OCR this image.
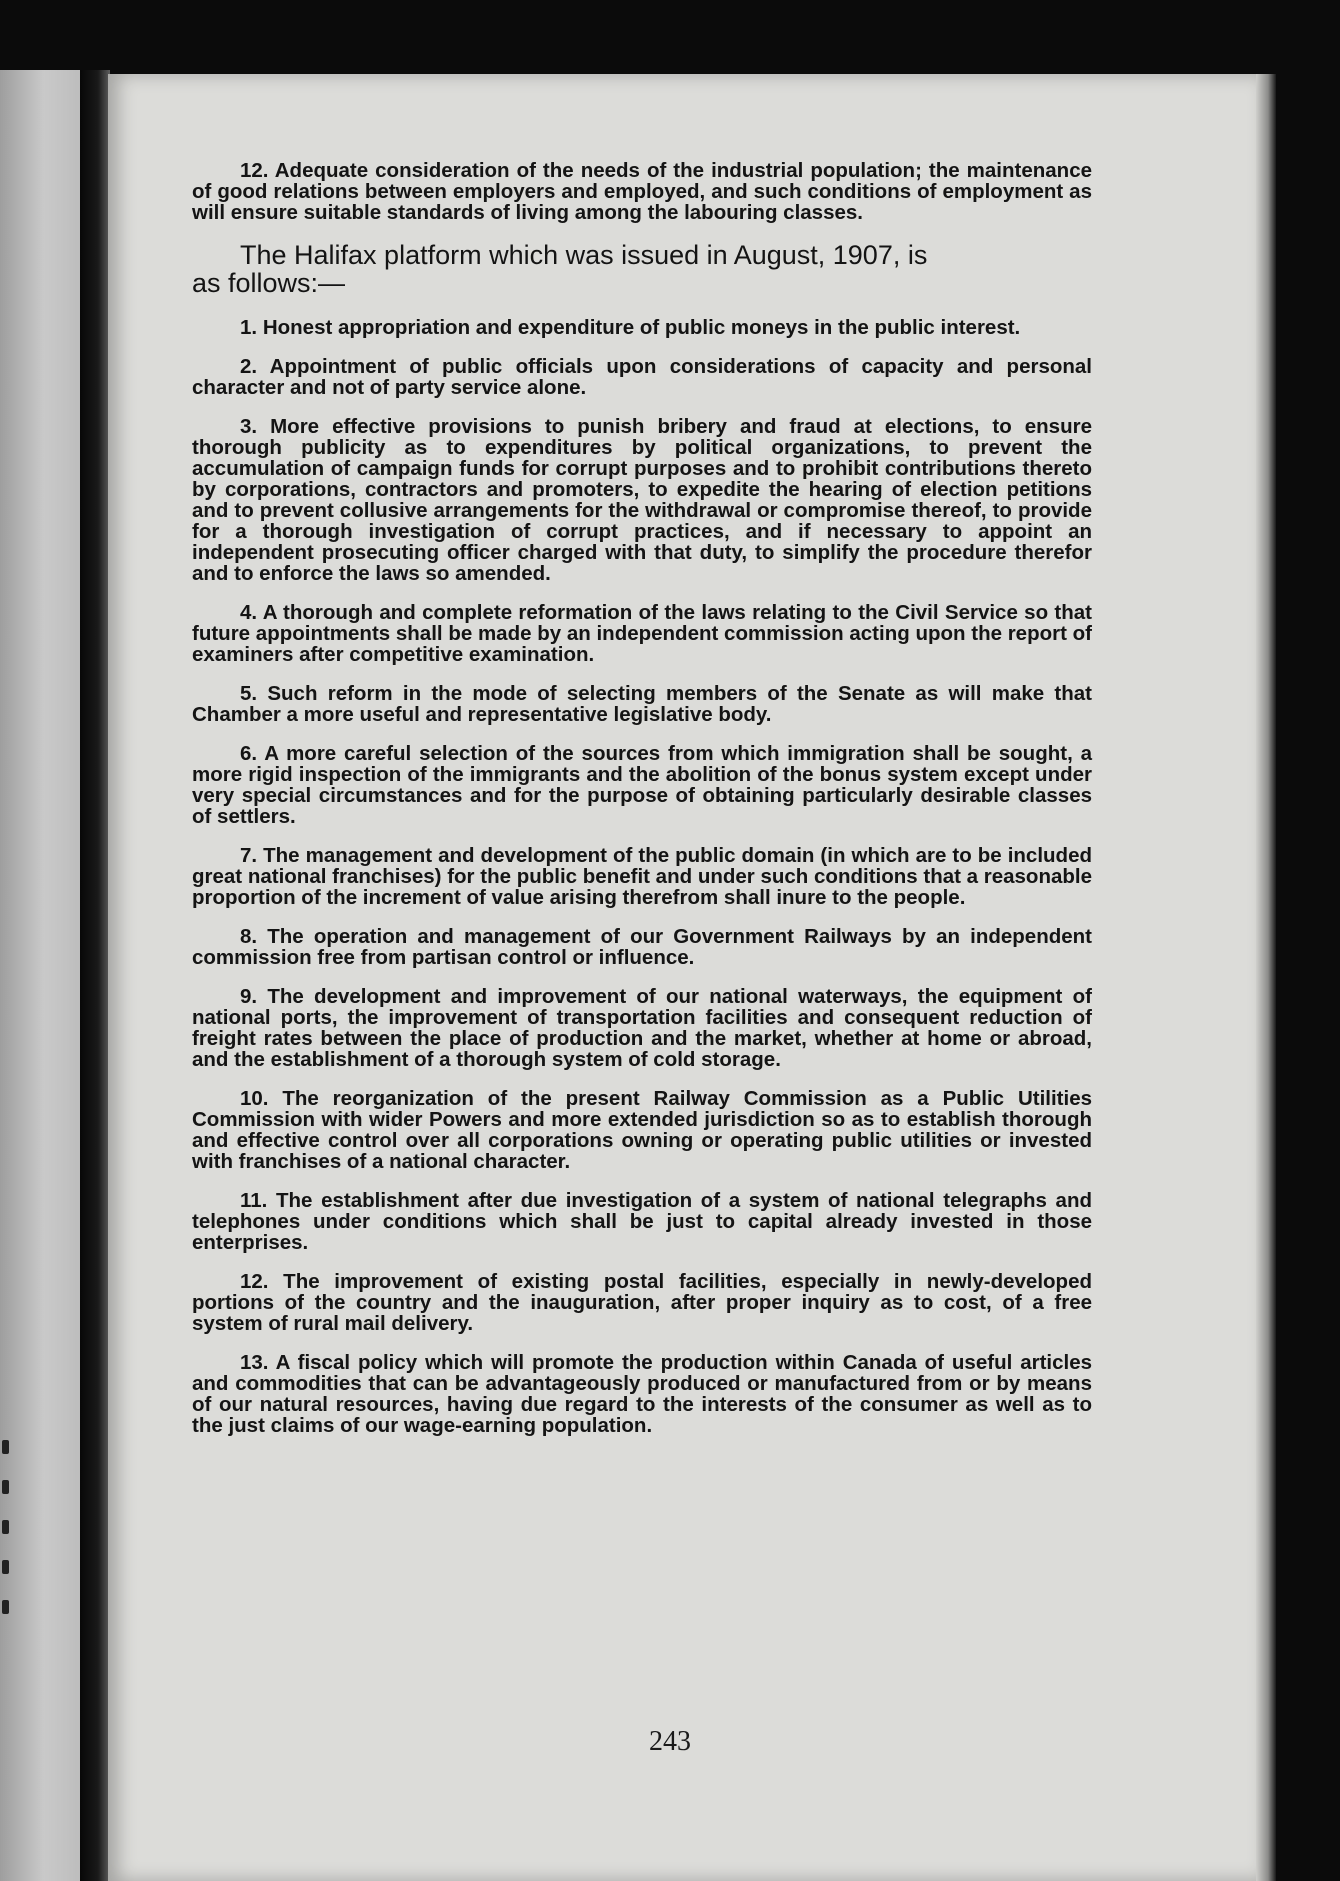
12. Adequate consideration of the needs of the industrial population; the maintenance of good relations between employers and employed, and such conditions of employment as will ensure suitable standards of living among the labouring classes.

The Halifax platform which was issued in August, 1907, is
as follows:—

1. Honest appropriation and expenditure of public moneys in the public interest.

2. Appointment of public officials upon considerations of capacity and personal character and not of party service alone.

3. More effective provisions to punish bribery and fraud at elections, to ensure thorough publicity as to expenditures by political organizations, to prevent the accumulation of campaign funds for corrupt purposes and to prohibit contributions thereto by corporations, contractors and promoters, to expedite the hearing of election petitions and to prevent collusive arrangements for the withdrawal or compromise thereof, to provide for a thorough investigation of corrupt practices, and if necessary to appoint an independent prosecuting officer charged with that duty, to simplify the procedure therefor and to enforce the laws so amended.

4. A thorough and complete reformation of the laws relating to the Civil Service so that future appointments shall be made by an independent commission acting upon the report of examiners after competitive examination.

5. Such reform in the mode of selecting members of the Senate as will make that Chamber a more useful and representative legislative body.

6. A more careful selection of the sources from which immigration shall be sought, a more rigid inspection of the immigrants and the abolition of the bonus system except under very special circumstances and for the purpose of obtaining particularly desirable classes of settlers.

7. The management and development of the public domain (in which are to be included great national franchises) for the public benefit and under such conditions that a reasonable proportion of the increment of value arising therefrom shall inure to the people.

8. The operation and management of our Government Railways by an independent commission free from partisan control or influence.

9. The development and improvement of our national waterways, the equipment of national ports, the improvement of transportation facilities and consequent reduction of freight rates between the place of production and the market, whether at home or abroad, and the establishment of a thorough system of cold storage.

10. The reorganization of the present Railway Commission as a Public Utilities Commission with wider Powers and more extended jurisdiction so as to establish thorough and effective control over all corporations owning or operating public utilities or invested with franchises of a national character.

11. The establishment after due investigation of a system of national telegraphs and telephones under conditions which shall be just to capital already invested in those enterprises.

12. The improvement of existing postal facilities, especially in newly-developed portions of the country and the inauguration, after proper inquiry as to cost, of a free system of rural mail delivery.

13. A fiscal policy which will promote the production within Canada of useful articles and commodities that can be advantageously produced or manufactured from or by means of our natural resources, having due regard to the interests of the consumer as well as to the just claims of our wage-earning population.

243
